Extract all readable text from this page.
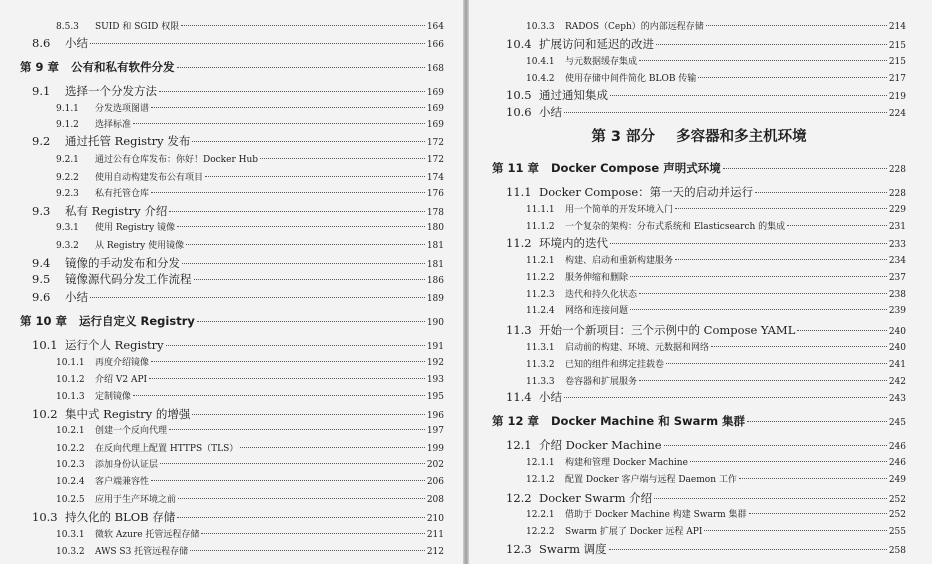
8.5.3	SUID 和 SGID 权限	164
8.6	小结	166
第 9 章 公有和私有软件分发	168
9.1	选择一个分发方法	169
9.1.1	分发选项图谱	169
9.1.2	选择标准	169
9.2	通过托管 Registry 发布	172
9.2.1	通过公有仓库发布：你好！Docker Hub	172
9.2.2	使用自动构建发布公有项目	174
9.2.3	私有托管仓库	176
9.3	私有 Registry 介绍	178
9.3.1	使用 Registry 镜像	180
9.3.2	从 Registry 使用镜像	181
9.4	镜像的手动发布和分发	181
9.5	镜像源代码分发工作流程	186
9.6	小结	189
第 10 章 运行自定义 Registry	190
10.1 运行个人 Registry	191
10.1.1	再度介绍镜像	192
10.1.2	介绍 V2 API	193
10.1.3	定制镜像	195
10.2 集中式 Registry 的增强	196
10.2.1	创建一个反向代理	197
10.2.2	在反向代理上配置 HTTPS（TLS）	199
10.2.3	添加身份认证层	202
10.2.4	客户端兼容性	206
10.2.5	应用于生产环境之前	208
10.3 持久化的 BLOB 存储	210
10.3.1	微软 Azure 托管远程存储	211
10.3.2	AWS S3 托管远程存储	212
第 3 部分 多容器和多主机环境
10.3.3	RADOS（Ceph）的内部远程存储	214
10.4 扩展访问和延迟的改进	215
10.4.1	与元数据缓存集成	215
10.4.2	使用存储中间件简化 BLOB 传输	217
10.5 通过通知集成	219
10.6 小结	224
第 11 章 Docker Compose 声明式环境	228
11.1 Docker Compose：第一天的启动并运行	228
11.1.1	用一个简单的开发环境入门	229
11.1.2	一个复杂的架构：分布式系统和 Elasticsearch 的集成	231
11.2 环境内的迭代	233
11.2.1	构建、启动和重新构建服务	234
11.2.2	服务伸缩和删除	237
11.2.3	迭代和持久化状态	238
11.2.4	网络和连接问题	239
11.3 开始一个新项目：三个示例中的 Compose YAML	240
11.3.1	启动前的构建、环境、元数据和网络	240
11.3.2	已知的组件和绑定挂载卷	241
11.3.3	卷容器和扩展服务	242
11.4 小结	243
第 12 章 Docker Machine 和 Swarm 集群	245
12.1 介绍 Docker Machine	246
12.1.1	构建和管理 Docker Machine	246
12.1.2	配置 Docker 客户端与远程 Daemon 工作	249
12.2 Docker Swarm 介绍	252
12.2.1	借助于 Docker Machine 构建 Swarm 集群	252
12.2.2	Swarm 扩展了 Docker 远程 API	255
12.3 Swarm 调度	258
